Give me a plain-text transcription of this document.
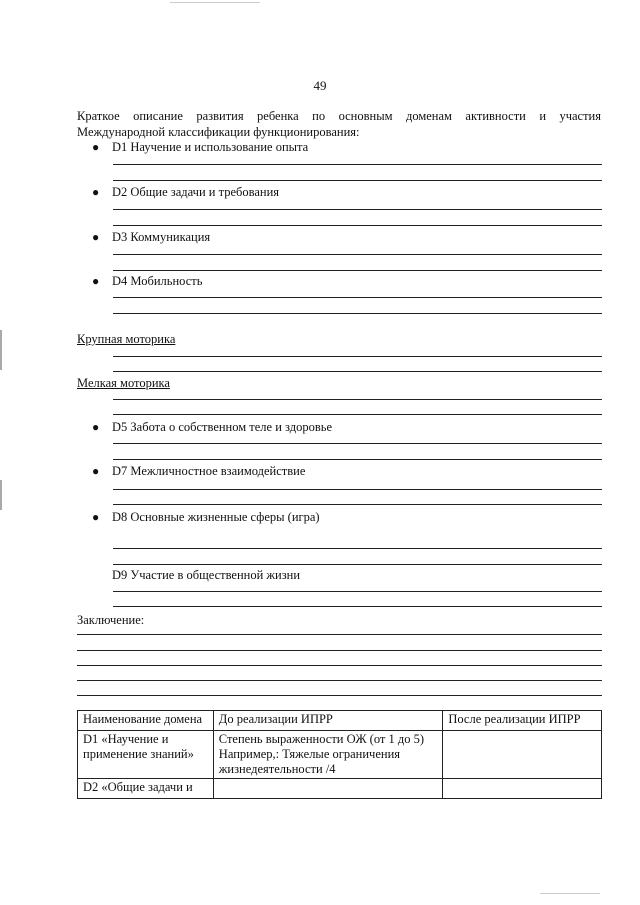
49
Краткое описание развития ребенка по основным доменам активности и участия
Международной классификации функционирования:
● D1 Научение и использование опыта
● D2 Общие задачи и требования
● D3 Коммуникация
● D4 Мобильность
Крупная моторика
Мелкая моторика
● D5 Забота о собственном теле и здоровье
● D7 Межличностное взаимодействие
● D8 Основные жизненные сферы (игра)
D9 Участие в общественной жизни
Заключение:
Наименование домена	До реализации ИПРР	После реализации ИПРР
D1 «Научение и применение знаний»	Степень выраженности ОЖ (от 1 до 5) Например,: Тяжелые ограничения жизнедеятельности /4	
D2 «Общие задачи и		
